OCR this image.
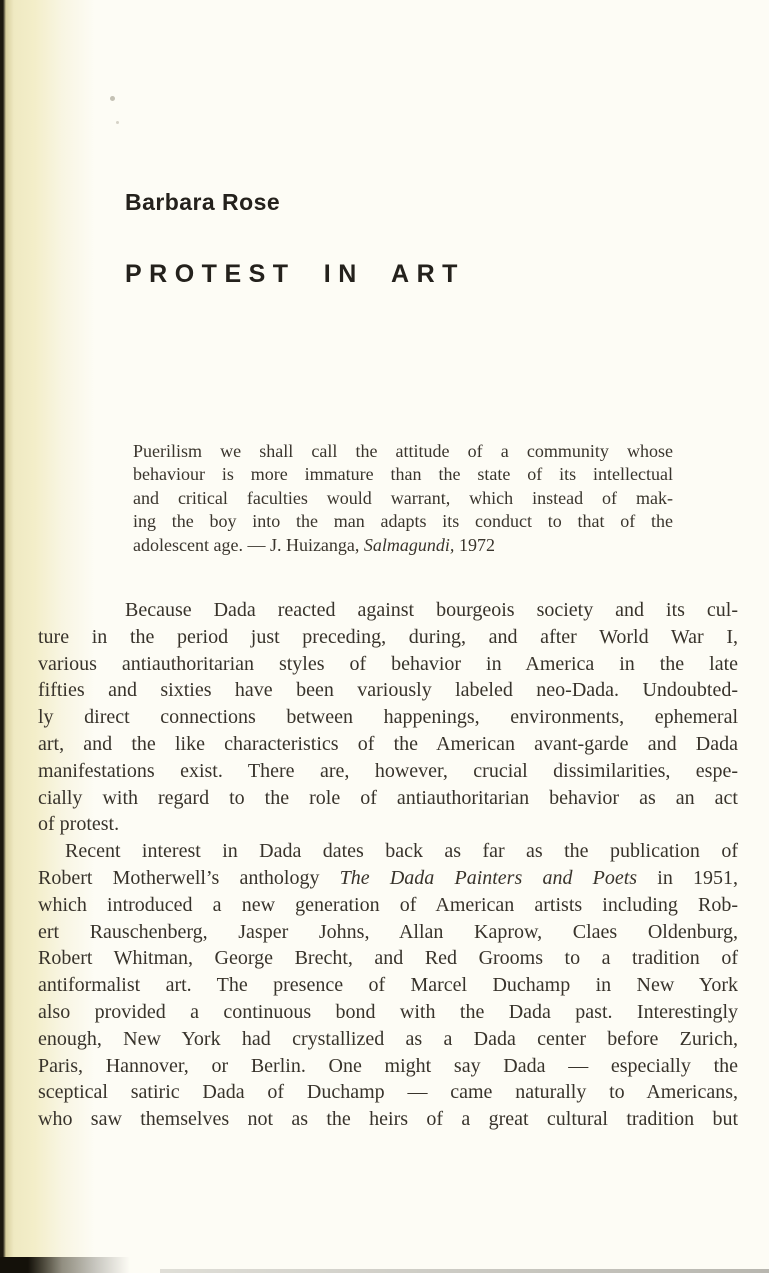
Barbara Rose
PROTEST IN ART
Puerilism we shall call the attitude of a community whose
behaviour is more immature than the state of its intellectual
and critical faculties would warrant, which instead of mak-
ing the boy into the man adapts its conduct to that of the
adolescent age. — J. Huizanga, Salmagundi, 1972
Because Dada reacted against bourgeois society and its cul-
ture in the period just preceding, during, and after World War I,
various antiauthoritarian styles of behavior in America in the late
fifties and sixties have been variously labeled neo-Dada. Undoubted-
ly direct connections between happenings, environments, ephemeral
art, and the like characteristics of the American avant-garde and Dada
manifestations exist. There are, however, crucial dissimilarities, espe-
cially with regard to the role of antiauthoritarian behavior as an act
of protest.
Recent interest in Dada dates back as far as the publication of
Robert Motherwell’s anthology The Dada Painters and Poets in 1951,
which introduced a new generation of American artists including Rob-
ert Rauschenberg, Jasper Johns, Allan Kaprow, Claes Oldenburg,
Robert Whitman, George Brecht, and Red Grooms to a tradition of
antiformalist art. The presence of Marcel Duchamp in New York
also provided a continuous bond with the Dada past. Interestingly
enough, New York had crystallized as a Dada center before Zurich,
Paris, Hannover, or Berlin. One might say Dada — especially the
sceptical satiric Dada of Duchamp — came naturally to Americans,
who saw themselves not as the heirs of a great cultural tradition but
